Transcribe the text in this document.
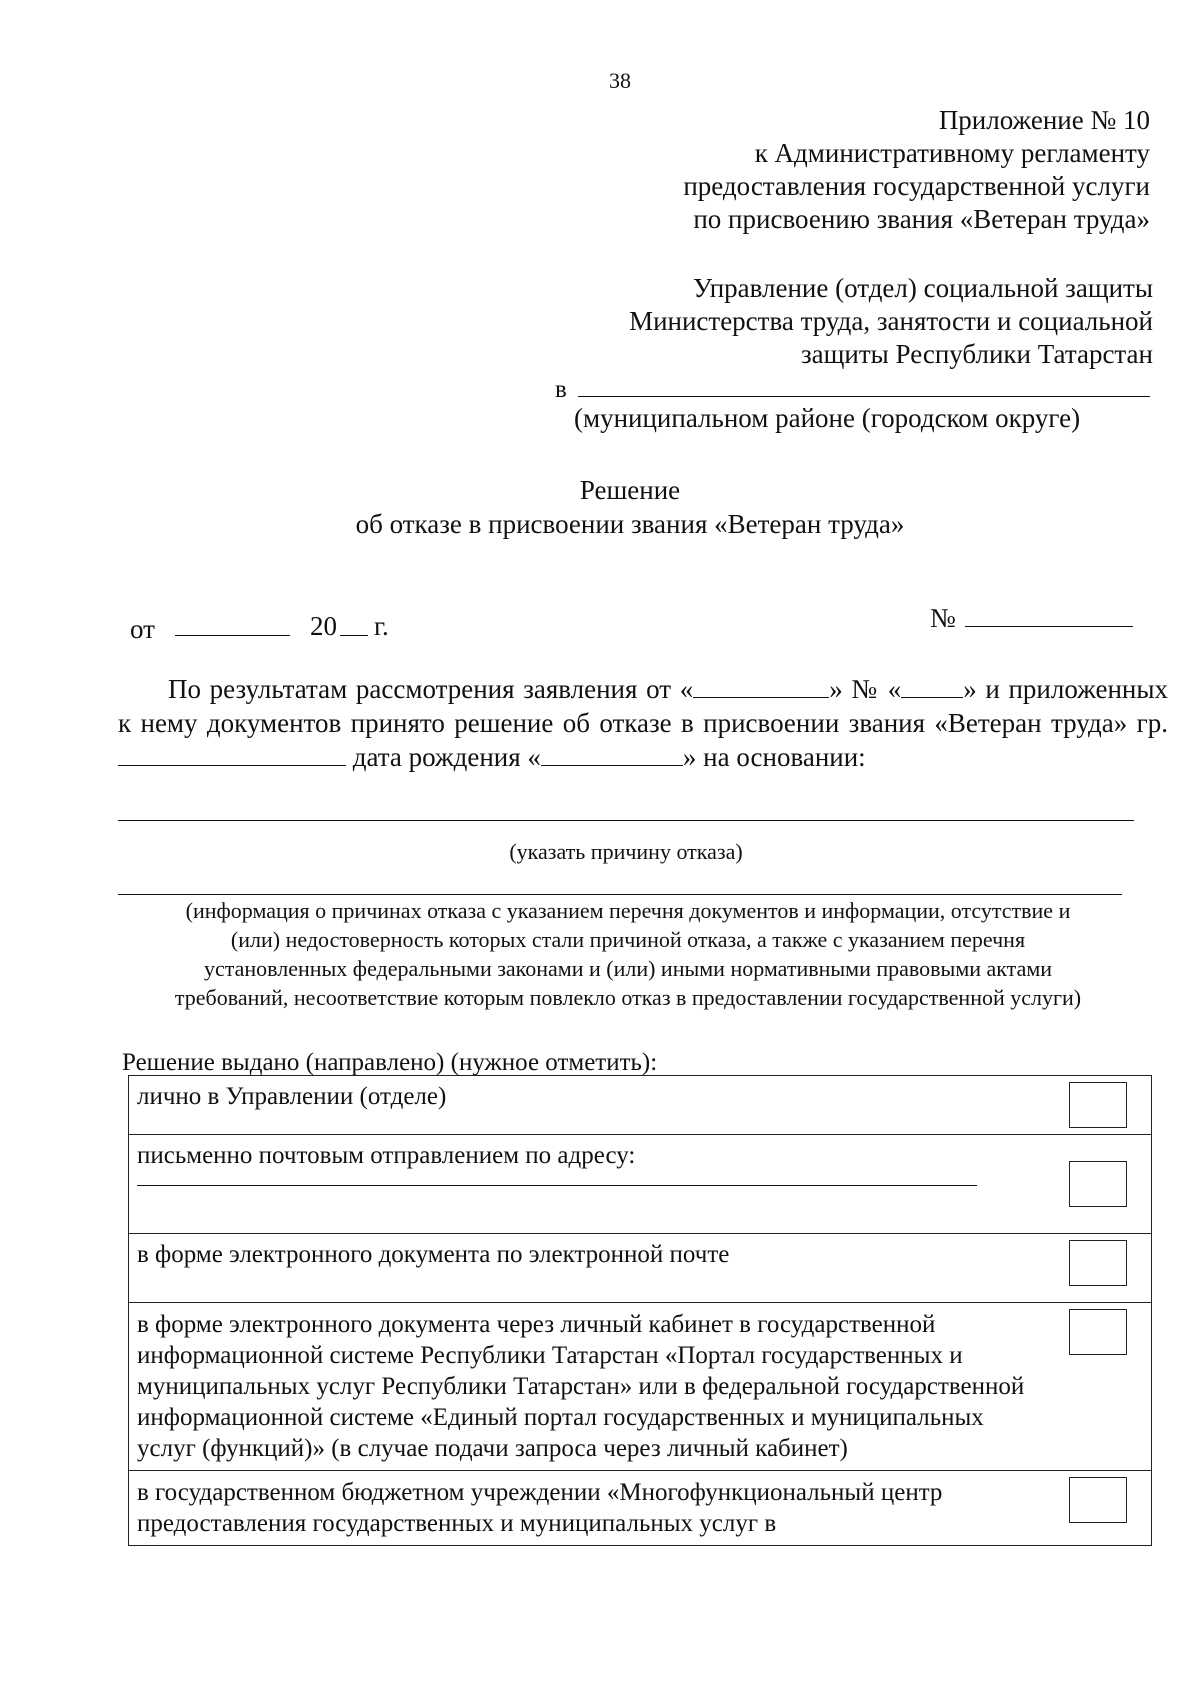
38
Приложение № 10
к Административному регламенту
предоставления государственной услуги
по присвоению звания «Ветеран труда»
Управление (отдел) социальной защиты
Министерства труда, занятости и социальной
защиты Республики Татарстан
в
(муниципальном районе (городском округе)
Решение
об отказе в присвоении звания «Ветеран труда»
от	20 г.	№
По результатам рассмотрения заявления от «	» № « » и приложенных к нему документов принято решение об отказе в присвоении звания «Ветеран труда» гр.  дата рождения «	» на основании:
(указать причину отказа)
(информация о причинах отказа с указанием перечня документов и информации, отсутствие и
(или) недостоверность которых стали причиной отказа, а также с указанием перечня
установленных федеральными законами и (или) иными нормативными правовыми актами
требований, несоответствие которым повлекло отказ в предоставлении государственной услуги)
Решение выдано (направлено) (нужное отметить):
лично в Управлении (отделе)	

письменно почтовым отправлением по адресу:	

в форме электронного документа по электронной почте	

в форме электронного документа через личный кабинет в государственной информационной системе Республики Татарстан «Портал государственных и муниципальных услуг Республики Татарстан» или в федеральной государственной информационной системе «Единый портал государственных и муниципальных услуг (функций)» (в случае подачи запроса через личный кабинет)	

в государственном бюджетном учреждении «Многофункциональный центр предоставления государственных и муниципальных услуг в	
